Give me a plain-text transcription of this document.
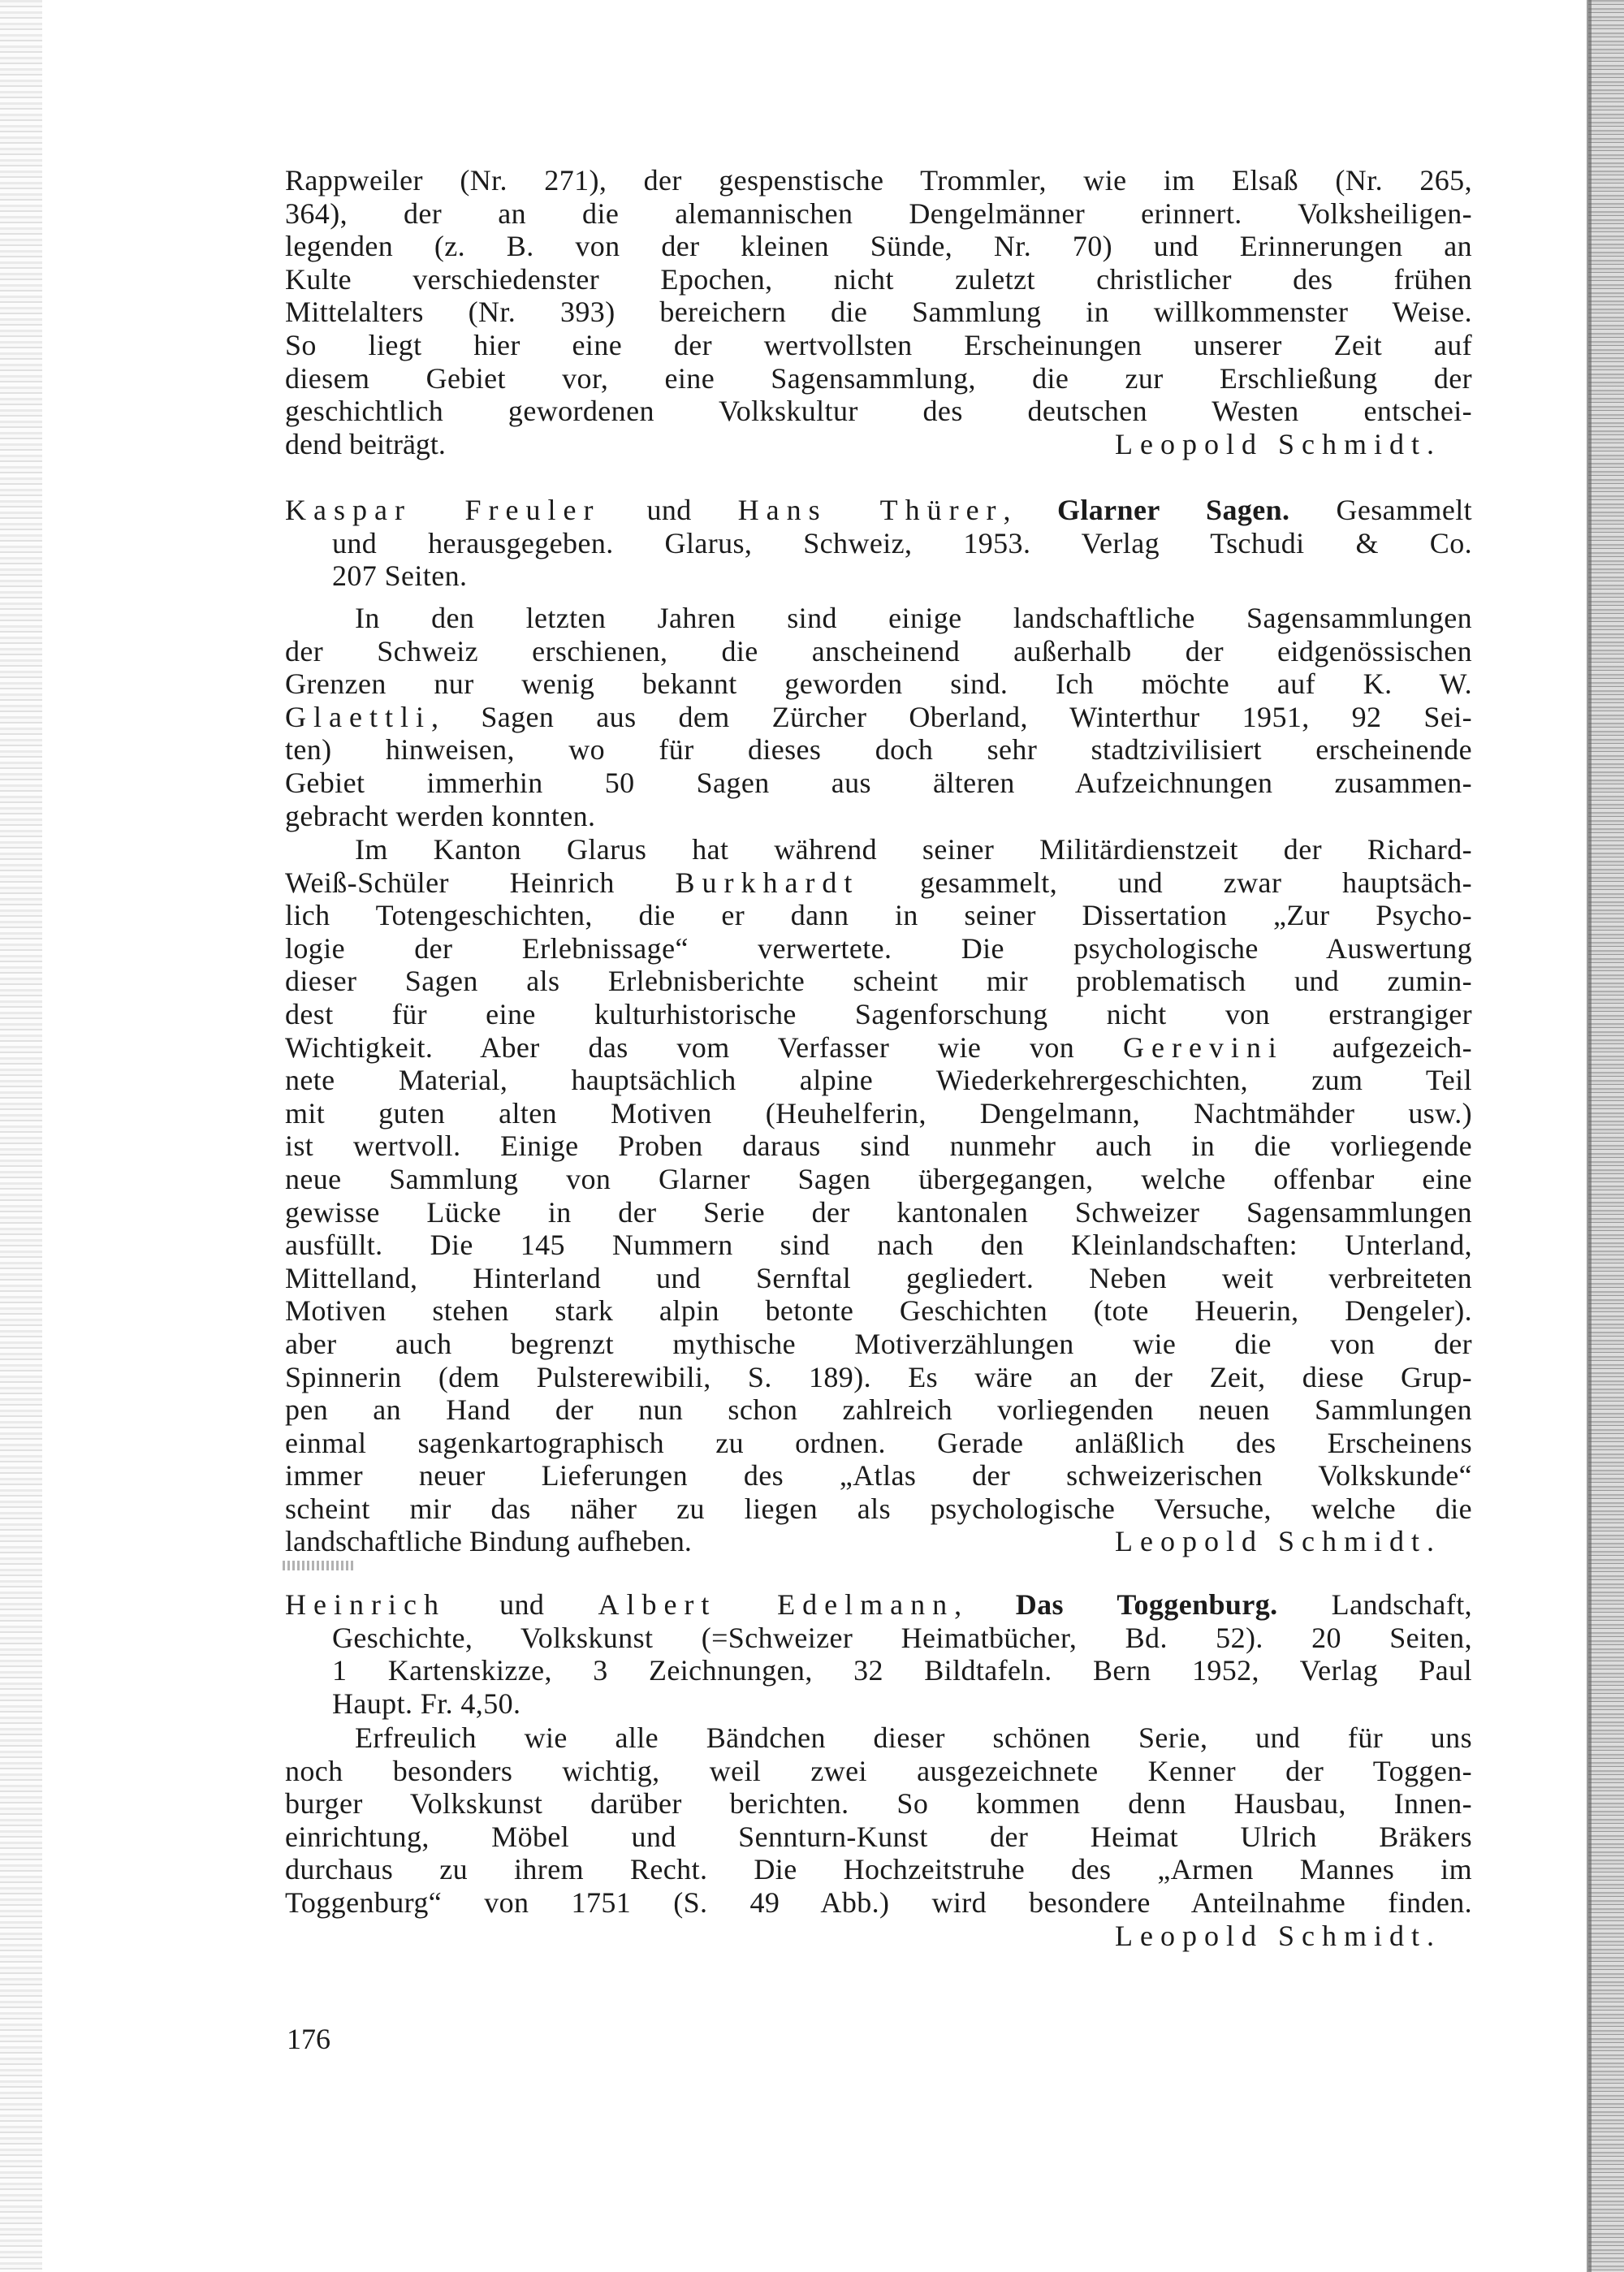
Rappweiler (Nr. 271), der gespenstische Trommler, wie im Elsaß (Nr. 265,
364), der an die alemannischen Dengelmänner erinnert. Volksheiligen-
legenden (z. B. von der kleinen Sünde, Nr. 70) und Erinnerungen an
Kulte verschiedenster Epochen, nicht zuletzt christlicher des frühen
Mittelalters (Nr. 393) bereichern die Sammlung in willkommenster Weise.
So liegt hier eine der wertvollsten Erscheinungen unserer Zeit auf
diesem Gebiet vor, eine Sagensammlung, die zur Erschließung der
geschichtlich gewordenen Volkskultur des deutschen Westen entschei-
dend beiträgt.	Leopold Schmidt.
Kaspar Freuler und Hans Thürer, Glarner Sagen. Gesammelt
und herausgegeben. Glarus, Schweiz, 1953. Verlag Tschudi & Co.
207 Seiten.
In den letzten Jahren sind einige landschaftliche Sagensammlungen
der Schweiz erschienen, die anscheinend außerhalb der eidgenössischen
Grenzen nur wenig bekannt geworden sind. Ich möchte auf K. W.
Glaettli, Sagen aus dem Zürcher Oberland, Winterthur 1951, 92 Sei-
ten) hinweisen, wo für dieses doch sehr stadtzivilisiert erscheinende
Gebiet immerhin 50 Sagen aus älteren Aufzeichnungen zusammen-
gebracht werden konnten.
Im Kanton Glarus hat während seiner Militärdienstzeit der Richard-
Weiß-Schüler Heinrich Burkhardt gesammelt, und zwar hauptsäch-
lich Totengeschichten, die er dann in seiner Dissertation „Zur Psycho-
logie der Erlebnissage“ verwertete. Die psychologische Auswertung
dieser Sagen als Erlebnisberichte scheint mir problematisch und zumin-
dest für eine kulturhistorische Sagenforschung nicht von erstrangiger
Wichtigkeit. Aber das vom Verfasser wie von Gerevini aufgezeich-
nete Material, hauptsächlich alpine Wiederkehrergeschichten, zum Teil
mit guten alten Motiven (Heuhelferin, Dengelmann, Nachtmähder usw.)
ist wertvoll. Einige Proben daraus sind nunmehr auch in die vorliegende
neue Sammlung von Glarner Sagen übergegangen, welche offenbar eine
gewisse Lücke in der Serie der kantonalen Schweizer Sagensammlungen
ausfüllt. Die 145 Nummern sind nach den Kleinlandschaften: Unterland,
Mittelland, Hinterland und Sernftal gegliedert. Neben weit verbreiteten
Motiven stehen stark alpin betonte Geschichten (tote Heuerin, Dengeler).
aber auch begrenzt mythische Motiverzählungen wie die von der
Spinnerin (dem Pulsterewibili, S. 189). Es wäre an der Zeit, diese Grup-
pen an Hand der nun schon zahlreich vorliegenden neuen Sammlungen
einmal sagenkartographisch zu ordnen. Gerade anläßlich des Erscheinens
immer neuer Lieferungen des „Atlas der schweizerischen Volkskunde“
scheint mir das näher zu liegen als psychologische Versuche, welche die
landschaftliche Bindung aufheben.	Leopold Schmidt.
Heinrich und Albert Edelmann, Das Toggenburg. Landschaft,
Geschichte, Volkskunst (=Schweizer Heimatbücher, Bd. 52). 20 Seiten,
1 Kartenskizze, 3 Zeichnungen, 32 Bildtafeln. Bern 1952, Verlag Paul
Haupt. Fr. 4,50.
Erfreulich wie alle Bändchen dieser schönen Serie, und für uns
noch besonders wichtig, weil zwei ausgezeichnete Kenner der Toggen-
burger Volkskunst darüber berichten. So kommen denn Hausbau, Innen-
einrichtung, Möbel und Sennturn-Kunst der Heimat Ulrich Bräkers
durchaus zu ihrem Recht. Die Hochzeitstruhe des „Armen Mannes im
Toggenburg“ von 1751 (S. 49 Abb.) wird besondere Anteilnahme finden.
Leopold Schmidt.
176
